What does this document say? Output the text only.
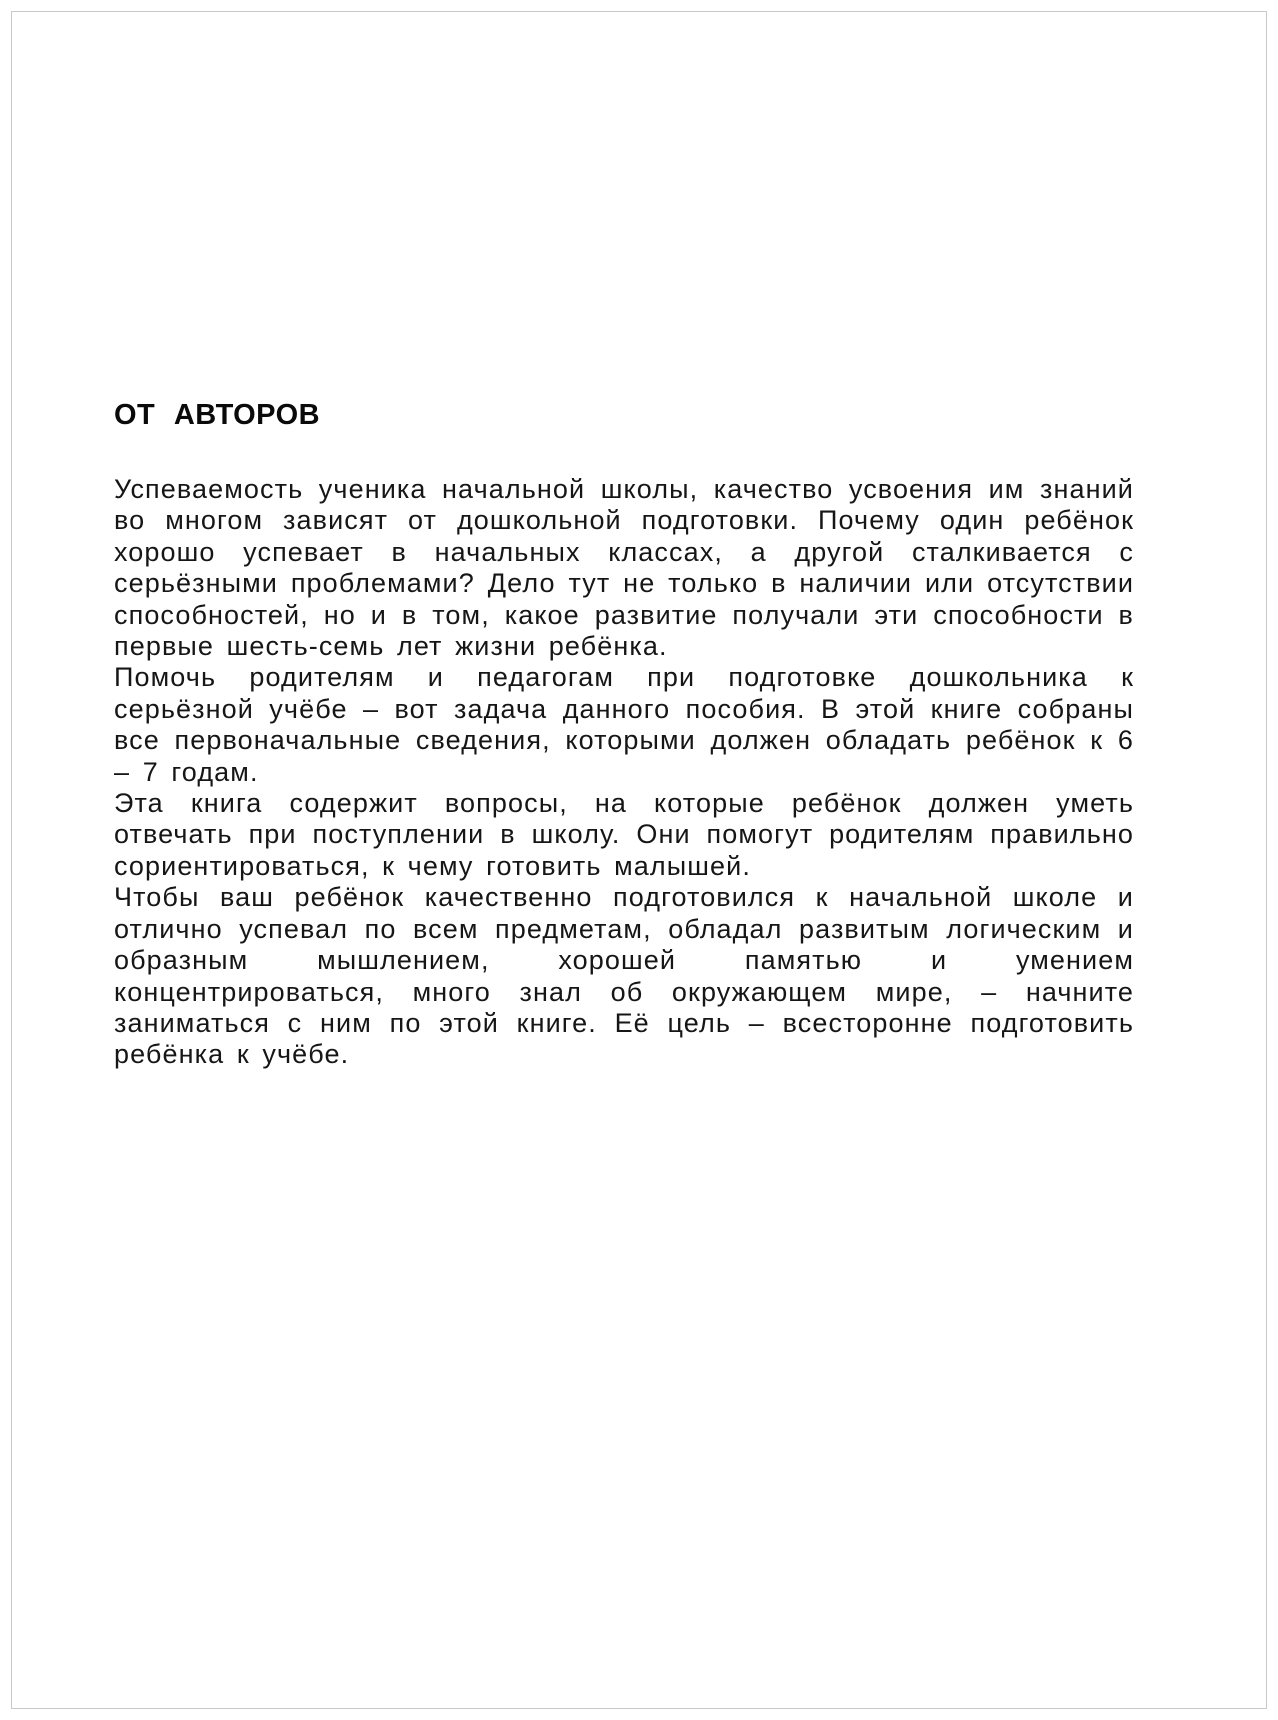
ОТ АВТОРОВ

Успеваемость ученика начальной школы, качество усвоения им знаний во многом зависят от дошкольной подготовки. Почему один ребёнок хорошо успевает в начальных классах, а другой сталкивается с серьёзными проблемами? Дело тут не только в наличии или отсутствии способностей, но и в том, какое развитие получали эти способности в первые шесть-семь лет жизни ребёнка.

Помочь родителям и педагогам при подготовке дошкольника к серьёзной учёбе – вот задача данного пособия. В этой книге собраны все первоначальные сведения, которыми должен обладать ребёнок к 6 – 7 годам.

Эта книга содержит вопросы, на которые ребёнок должен уметь отвечать при поступлении в школу. Они помогут родителям правильно сориентироваться, к чему готовить малышей.

Чтобы ваш ребёнок качественно подготовился к начальной школе и отлично успевал по всем предметам, обладал развитым логическим и образным мышлением, хорошей памятью и умением концентрироваться, много знал об окружающем мире, – начните заниматься с ним по этой книге. Её цель – всесторонне подготовить ребёнка к учёбе.
